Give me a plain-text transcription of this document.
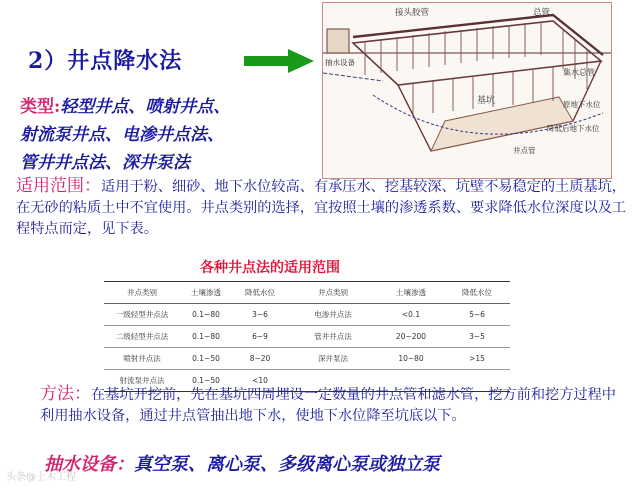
2）井点降水法
接头胶管	总管
集水总管
抽水设备
基坑	原地下水位
降低后地下水位
井点管
类型:轻型井点、喷射井点、
射流泵井点、电渗井点法、
管井井点法、深井泵法
适用范围：适用于粉、细砂、地下水位较高、有承压水、挖基较深、坑壁不易稳定的土质基坑，在无砂的粘质土中不宜使用。井点类别的选择，宜按照土壤的渗透系数、要求降低水位深度以及工程特点而定，见下表。
各种井点法的适用范围
井点类别	土壤渗透	降低水位	井点类别	土壤渗透	降低水位
一级轻型井点法	0.1~80	3~6	电渗井点法	<0.1	5~6
二级轻型井点法	0.1~80	6~9	管井井点法	20~200	3~5
喷射井点法	0.1~50	8~20	深井泵法	10~80	>15
射流泵井点法	0.1~50	<10			
方法：在基坑开挖前，先在基坑四周埋设一定数量的井点管和滤水管，挖方前和挖方过程中利用抽水设备，通过井点管抽出地下水，使地下水位降至坑底以下。
抽水设备：真空泵、离心泵、多级离心泵或独立泵
头条@土木工程
